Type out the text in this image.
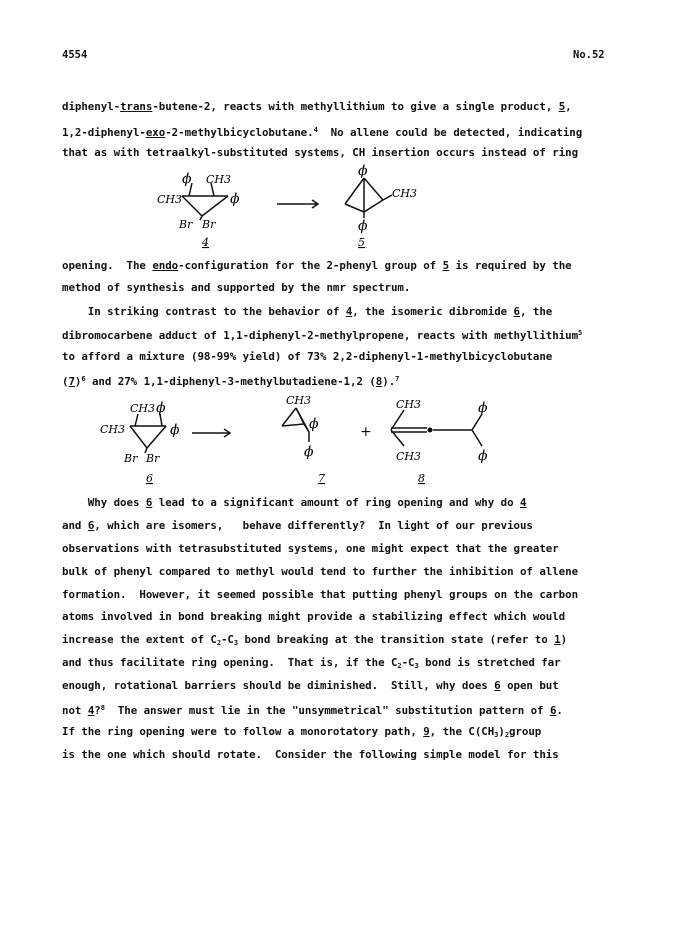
4554	No.52
diphenyl-trans-butene-2, reacts with methyllithium to give a single product, 5,
1,2-diphenyl-exo-2-methylbicyclobutane.$^4$  No allene could be detected, indicating
that as with tetraalkyl-substituted systems, CH insertion occurs instead of ring
ϕ CH3
CH3	ϕ
Br Br
ϕ
CH3
ϕ
4	5
opening.  The endo-configuration for the 2-phenyl group of 5 is required by the
method of synthesis and supported by the nmr spectrum.
In striking contrast to the behavior of 4, the isomeric dibromide 6, the
dibromocarbene adduct of 1,1-diphenyl-2-methylpropene, reacts with methyllithium$^5$
to afford a mixture (98-99% yield) of 73% 2,2-diphenyl-1-methylbicyclobutane
$(7)^6$ and 27% 1,1-diphenyl-3-methylbutadiene-1,2 (8).$^7$
CH3 ϕ
CH3	ϕ
Br Br
CH3
ϕ
ϕ
+
CH3
CH3
ϕ
ϕ
6	7	8
Why does 6 lead to a significant amount of ring opening and why do 4
and 6, which are isomers,   behave differently?  In light of our previous
observations with tetrasubstituted systems, one might expect that the greater
bulk of phenyl compared to methyl would tend to further the inhibition of allene
formation.  However, it seemed possible that putting phenyl groups on the carbon
atoms involved in bond breaking might provide a stabilizing effect which would
increase the extent of $C_2-C_3$ bond breaking at the transition state (refer to 1)
and thus facilitate ring opening.  That is, if the $C_2-C_3$ bond is stretched far
enough, rotational barriers should be diminished.  Still, why does 6 open but
not 4?$^8$  The answer must lie in the "unsymmetrical" substitution pattern of 6.
If the ring opening were to follow a monorotatory path, 9, the $C(CH_3)_2group$
is the one which should rotate.  Consider the following simple model for this
